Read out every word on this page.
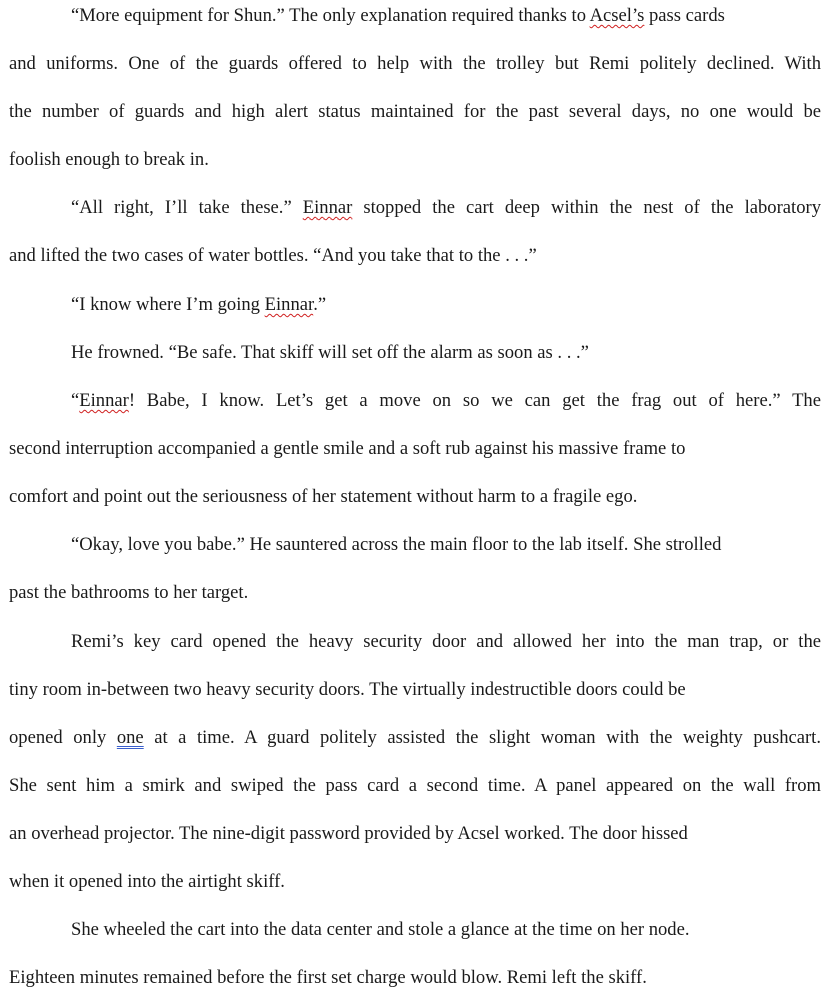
“More equipment for Shun.” The only explanation required thanks to Acsel’s pass cards
and uniforms. One of the guards offered to help with the trolley but Remi politely declined. With
the number of guards and high alert status maintained for the past several days, no one would be
foolish enough to break in.
“All right, I’ll take these.” Einnar stopped the cart deep within the nest of the laboratory
and lifted the two cases of water bottles. “And you take that to the . . .”
“I know where I’m going Einnar.”
He frowned. “Be safe. That skiff will set off the alarm as soon as . . .”
“Einnar! Babe, I know. Let’s get a move on so we can get the frag out of here.” The
second interruption accompanied a gentle smile and a soft rub against his massive frame to
comfort and point out the seriousness of her statement without harm to a fragile ego.
“Okay, love you babe.” He sauntered across the main floor to the lab itself. She strolled
past the bathrooms to her target.
Remi’s key card opened the heavy security door and allowed her into the man trap, or the
tiny room in-between two heavy security doors. The virtually indestructible doors could be
opened only one at a time. A guard politely assisted the slight woman with the weighty pushcart.
She sent him a smirk and swiped the pass card a second time. A panel appeared on the wall from
an overhead projector. The nine-digit password provided by Acsel worked. The door hissed
when it opened into the airtight skiff.
She wheeled the cart into the data center and stole a glance at the time on her node.
Eighteen minutes remained before the first set charge would blow. Remi left the skiff.
